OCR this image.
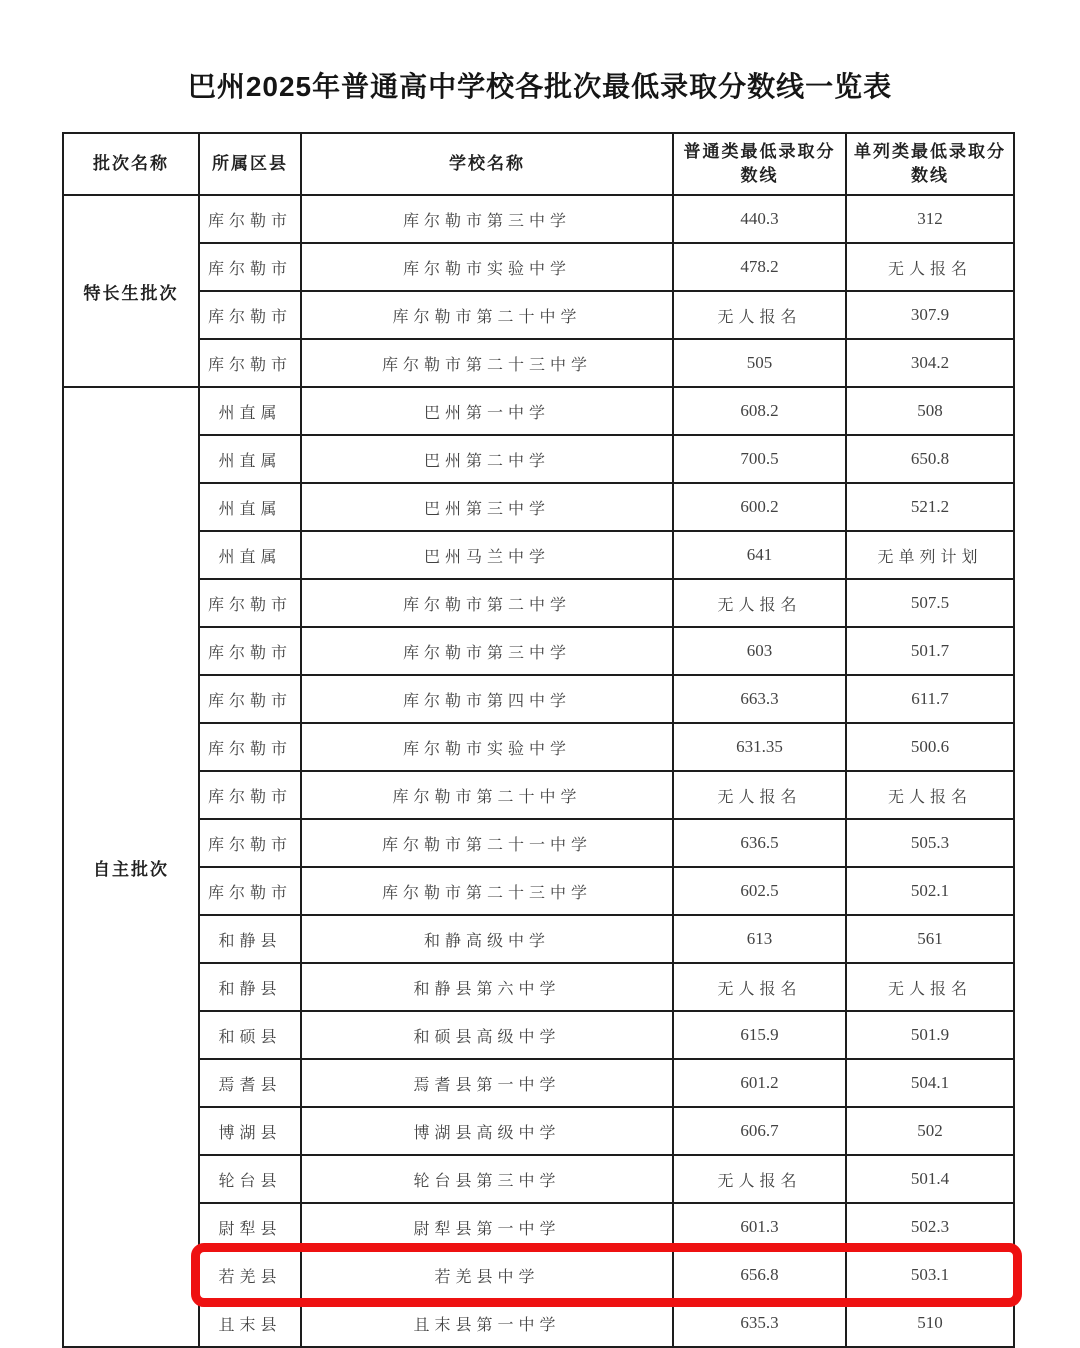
巴州2025年普通高中学校各批次最低录取分数线一览表
批次名称	所属区县	学校名称	普通类最低录取分数线	单列类最低录取分数线
特长生批次	库尔勒市	库尔勒市第三中学	440.3	312
	库尔勒市	库尔勒市实验中学	478.2	无人报名
	库尔勒市	库尔勒市第二十中学	无人报名	307.9
	库尔勒市	库尔勒市第二十三中学	505	304.2
自主批次	州直属	巴州第一中学	608.2	508
	州直属	巴州第二中学	700.5	650.8
	州直属	巴州第三中学	600.2	521.2
	州直属	巴州马兰中学	641	无单列计划
	库尔勒市	库尔勒市第二中学	无人报名	507.5
	库尔勒市	库尔勒市第三中学	603	501.7
	库尔勒市	库尔勒市第四中学	663.3	611.7
	库尔勒市	库尔勒市实验中学	631.35	500.6
	库尔勒市	库尔勒市第二十中学	无人报名	无人报名
	库尔勒市	库尔勒市第二十一中学	636.5	505.3
	库尔勒市	库尔勒市第二十三中学	602.5	502.1
	和静县	和静高级中学	613	561
	和静县	和静县第六中学	无人报名	无人报名
	和硕县	和硕县高级中学	615.9	501.9
	焉耆县	焉耆县第一中学	601.2	504.1
	博湖县	博湖县高级中学	606.7	502
	轮台县	轮台县第三中学	无人报名	501.4
	尉犁县	尉犁县第一中学	601.3	502.3
	若羌县	若羌县中学	656.8	503.1
	且末县	且末县第一中学	635.3	510
